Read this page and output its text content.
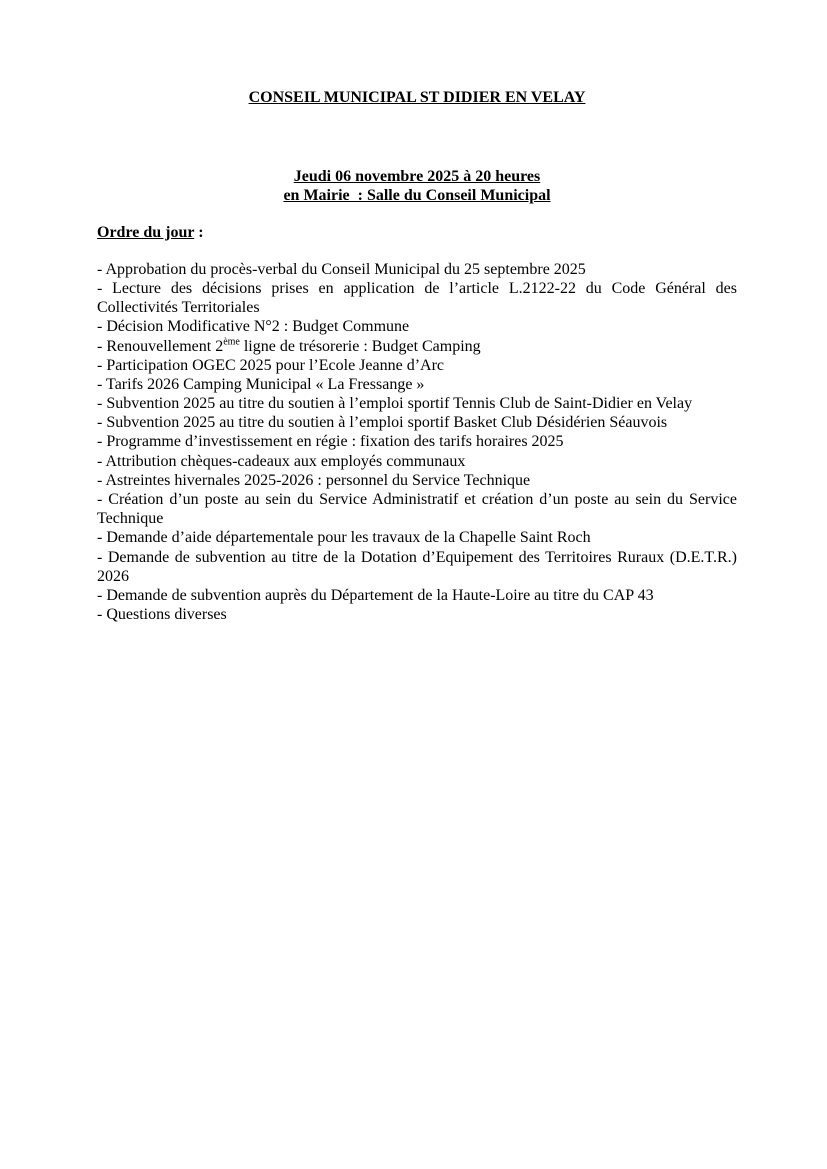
CONSEIL MUNICIPAL ST DIDIER EN VELAY

Jeudi 06 novembre 2025 à 20 heures

en Mairie  : Salle du Conseil Municipal

Ordre du jour :

- Approbation du procès-verbal du Conseil Municipal du 25 septembre 2025

- Lecture des décisions prises en application de l’article L.2122-22 du Code Général des Collectivités Territoriales

- Décision Modificative N°2 : Budget Commune

- Renouvellement 2ème ligne de trésorerie : Budget Camping

- Participation OGEC 2025 pour l’Ecole Jeanne d’Arc

- Tarifs 2026 Camping Municipal « La Fressange »

- Subvention 2025 au titre du soutien à l’emploi sportif Tennis Club de Saint-Didier en Velay

- Subvention 2025 au titre du soutien à l’emploi sportif Basket Club Désidérien Séauvois

- Programme d’investissement en régie : fixation des tarifs horaires 2025

- Attribution chèques-cadeaux aux employés communaux

- Astreintes hivernales 2025-2026 : personnel du Service Technique

- Création d’un poste au sein du Service Administratif et création d’un poste au sein du Service Technique

- Demande d’aide départementale pour les travaux de la Chapelle Saint Roch

- Demande de subvention au titre de la Dotation d’Equipement des Territoires Ruraux (D.E.T.R.) 2026

- Demande de subvention auprès du Département de la Haute-Loire au titre du CAP 43

- Questions diverses
